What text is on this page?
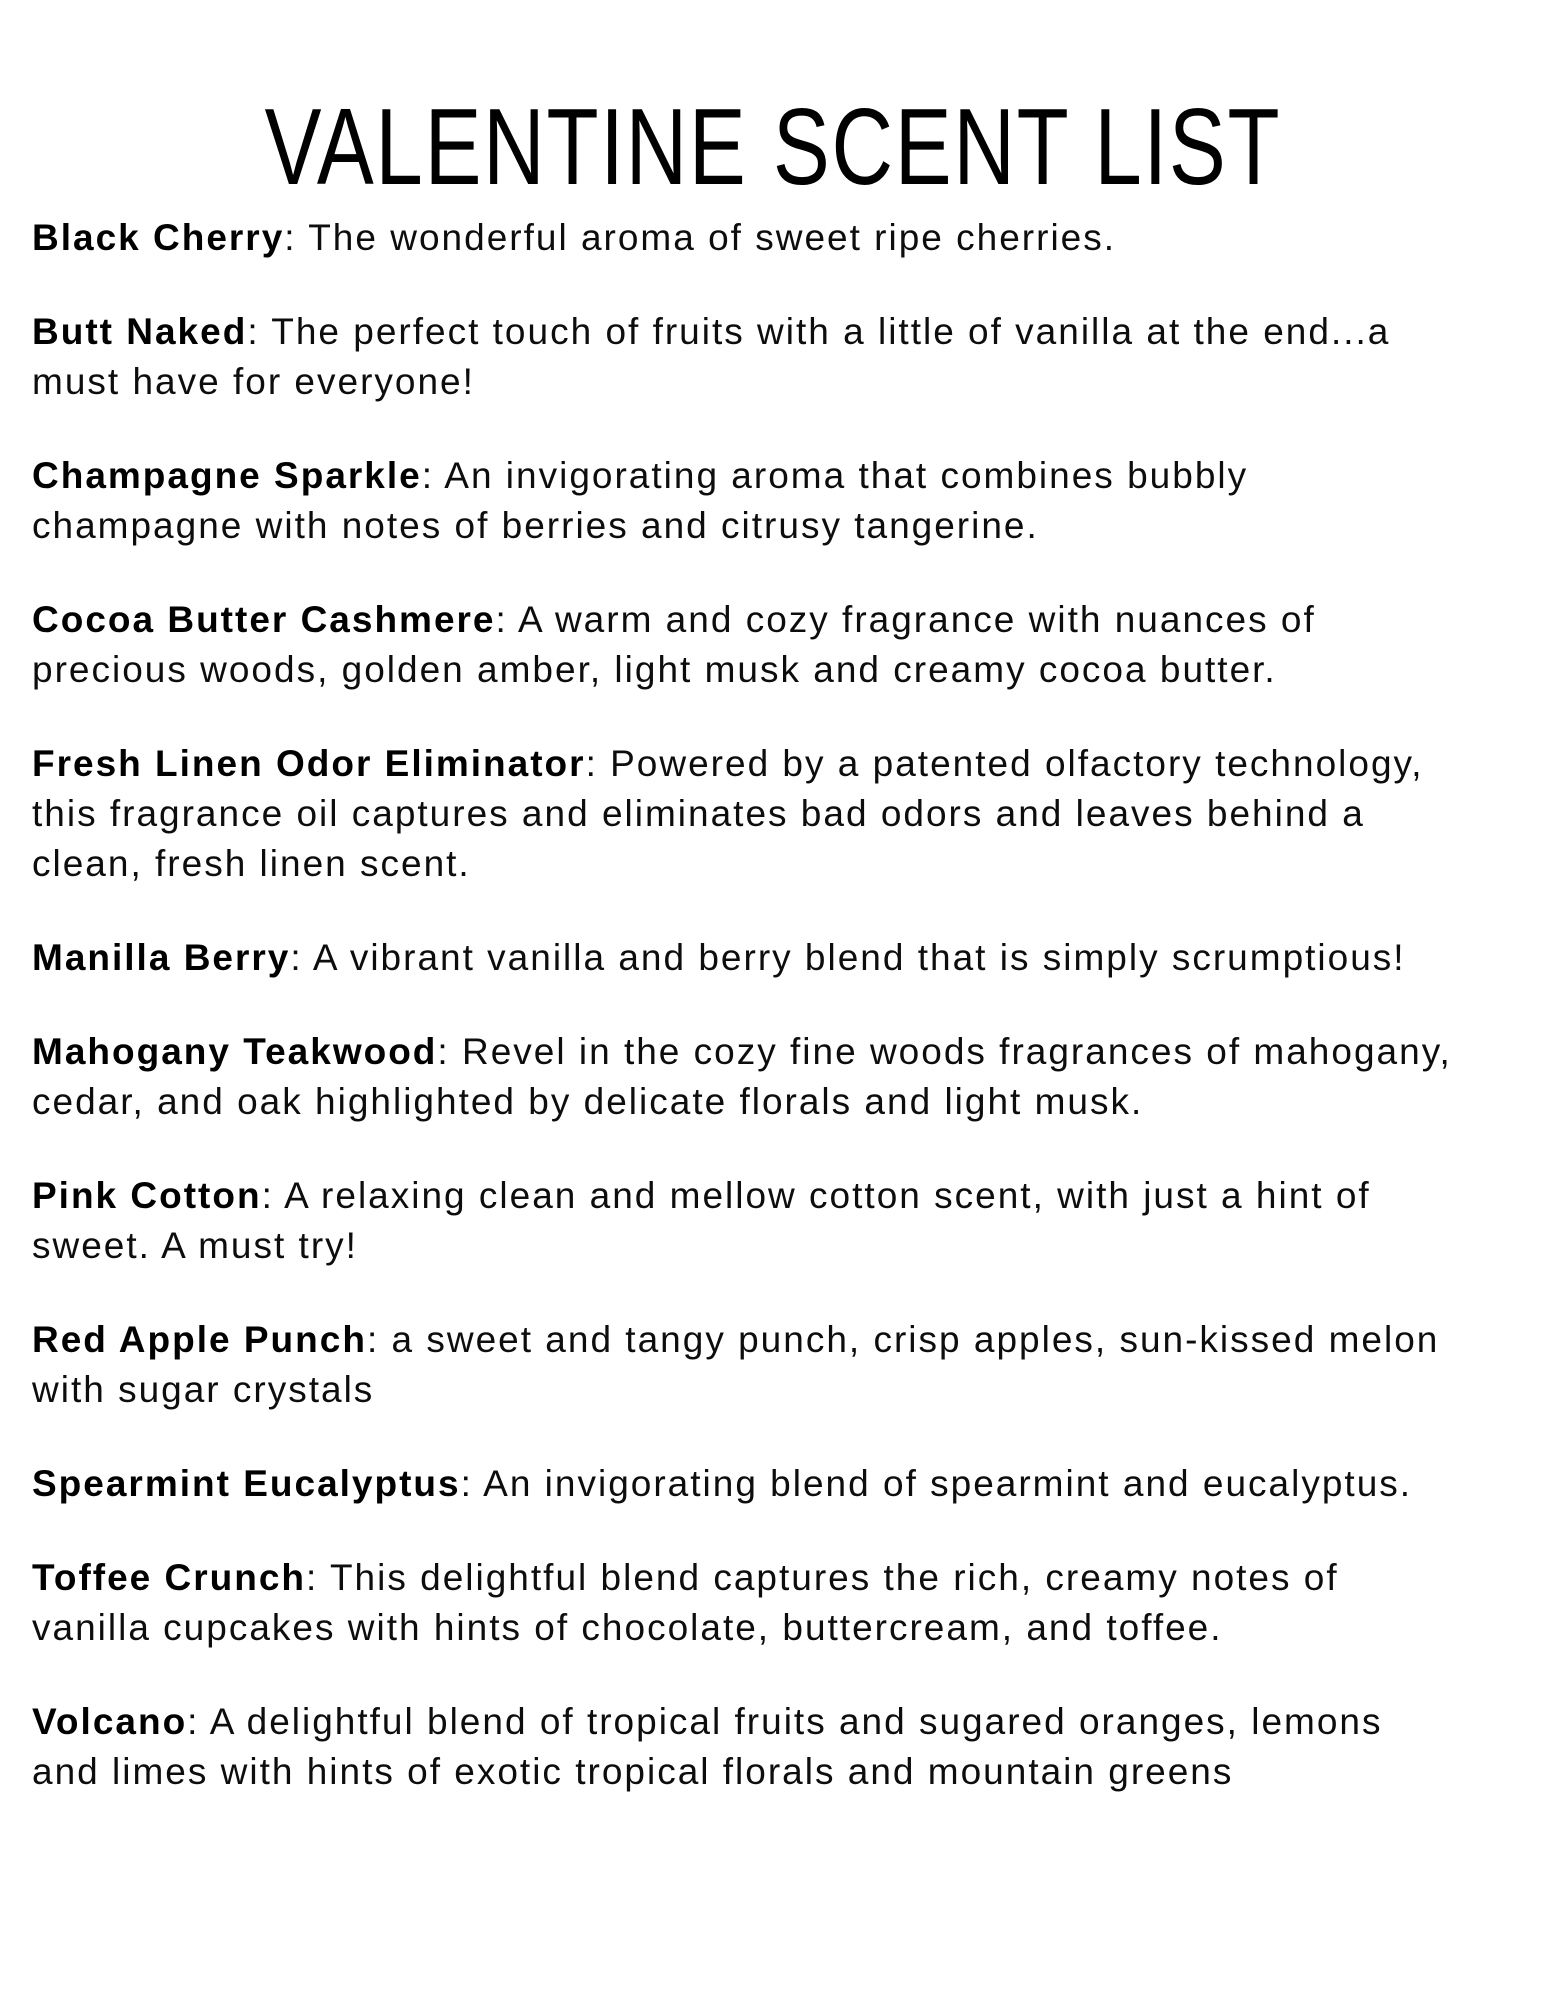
VALENTINE SCENT LIST

Black Cherry: The wonderful aroma of sweet ripe cherries.

Butt Naked: The perfect touch of fruits with a little of vanilla at the end...a
must have for everyone!

Champagne Sparkle: An invigorating aroma that combines bubbly
champagne with notes of berries and citrusy tangerine.

Cocoa Butter Cashmere: A warm and cozy fragrance with nuances of
precious woods, golden amber, light musk and creamy cocoa butter.

Fresh Linen Odor Eliminator: Powered by a patented olfactory technology,
this fragrance oil captures and eliminates bad odors and leaves behind a
clean, fresh linen scent.

Manilla Berry: A vibrant vanilla and berry blend that is simply scrumptious!

Mahogany Teakwood: Revel in the cozy fine woods fragrances of mahogany,
cedar, and oak highlighted by delicate florals and light musk.

Pink Cotton: A relaxing clean and mellow cotton scent, with just a hint of
sweet. A must try!

Red Apple Punch: a sweet and tangy punch, crisp apples, sun-kissed melon
with sugar crystals

Spearmint Eucalyptus: An invigorating blend of spearmint and eucalyptus.

Toffee Crunch: This delightful blend captures the rich, creamy notes of
vanilla cupcakes with hints of chocolate, buttercream, and toffee.

Volcano: A delightful blend of tropical fruits and sugared oranges, lemons
and limes with hints of exotic tropical florals and mountain greens
